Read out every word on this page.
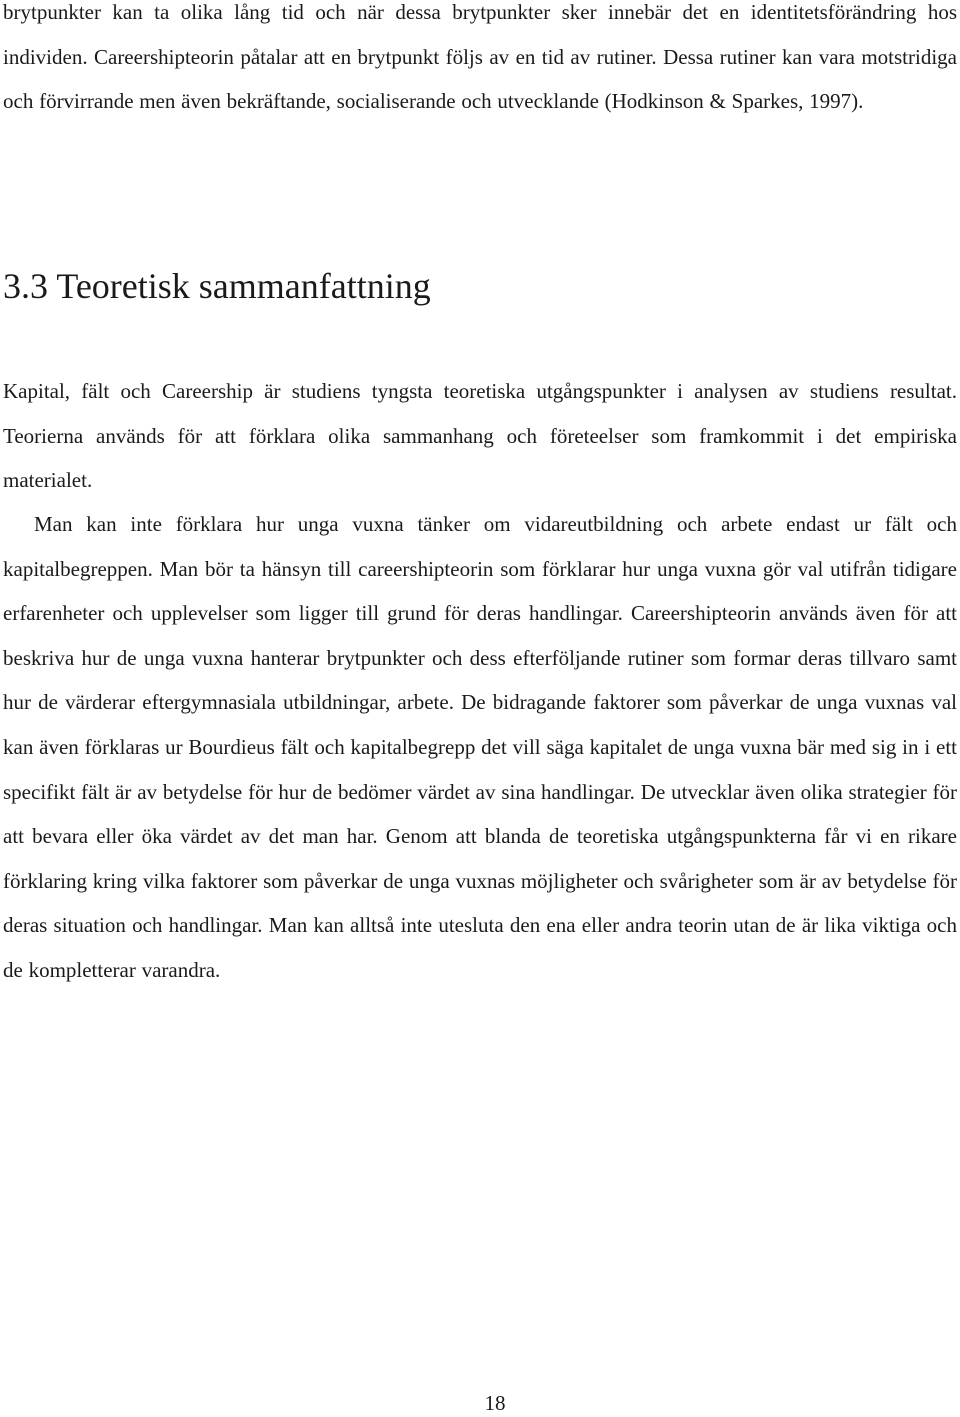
brytpunkter kan ta olika lång tid och när dessa brytpunkter sker innebär det en identitetsförändring hos individen. Careershipteorin påtalar att en brytpunkt följs av en tid av rutiner. Dessa rutiner kan vara motstridiga och förvirrande men även bekräftande, socialiserande och utvecklande (Hodkinson & Sparkes, 1997).

3.3 Teoretisk sammanfattning

Kapital, fält och Careership är studiens tyngsta teoretiska utgångspunkter i analysen av studiens resultat. Teorierna används för att förklara olika sammanhang och företeelser som framkommit i det empiriska materialet.

Man kan inte förklara hur unga vuxna tänker om vidareutbildning och arbete endast ur fält och kapitalbegreppen. Man bör ta hänsyn till careershipteorin som förklarar hur unga vuxna gör val utifrån tidigare erfarenheter och upplevelser som ligger till grund för deras handlingar. Careershipteorin används även för att beskriva hur de unga vuxna hanterar brytpunkter och dess efterföljande rutiner som formar deras tillvaro samt hur de värderar eftergymnasiala utbildningar, arbete. De bidragande faktorer som påverkar de unga vuxnas val kan även förklaras ur Bourdieus fält och kapitalbegrepp det vill säga kapitalet de unga vuxna bär med sig in i ett specifikt fält är av betydelse för hur de bedömer värdet av sina handlingar. De utvecklar även olika strategier för att bevara eller öka värdet av det man har. Genom att blanda de teoretiska utgångspunkterna får vi en rikare förklaring kring vilka faktorer som påverkar de unga vuxnas möjligheter och svårigheter som är av betydelse för deras situation och handlingar. Man kan alltså inte utesluta den ena eller andra teorin utan de är lika viktiga och de kompletterar varandra.

18
